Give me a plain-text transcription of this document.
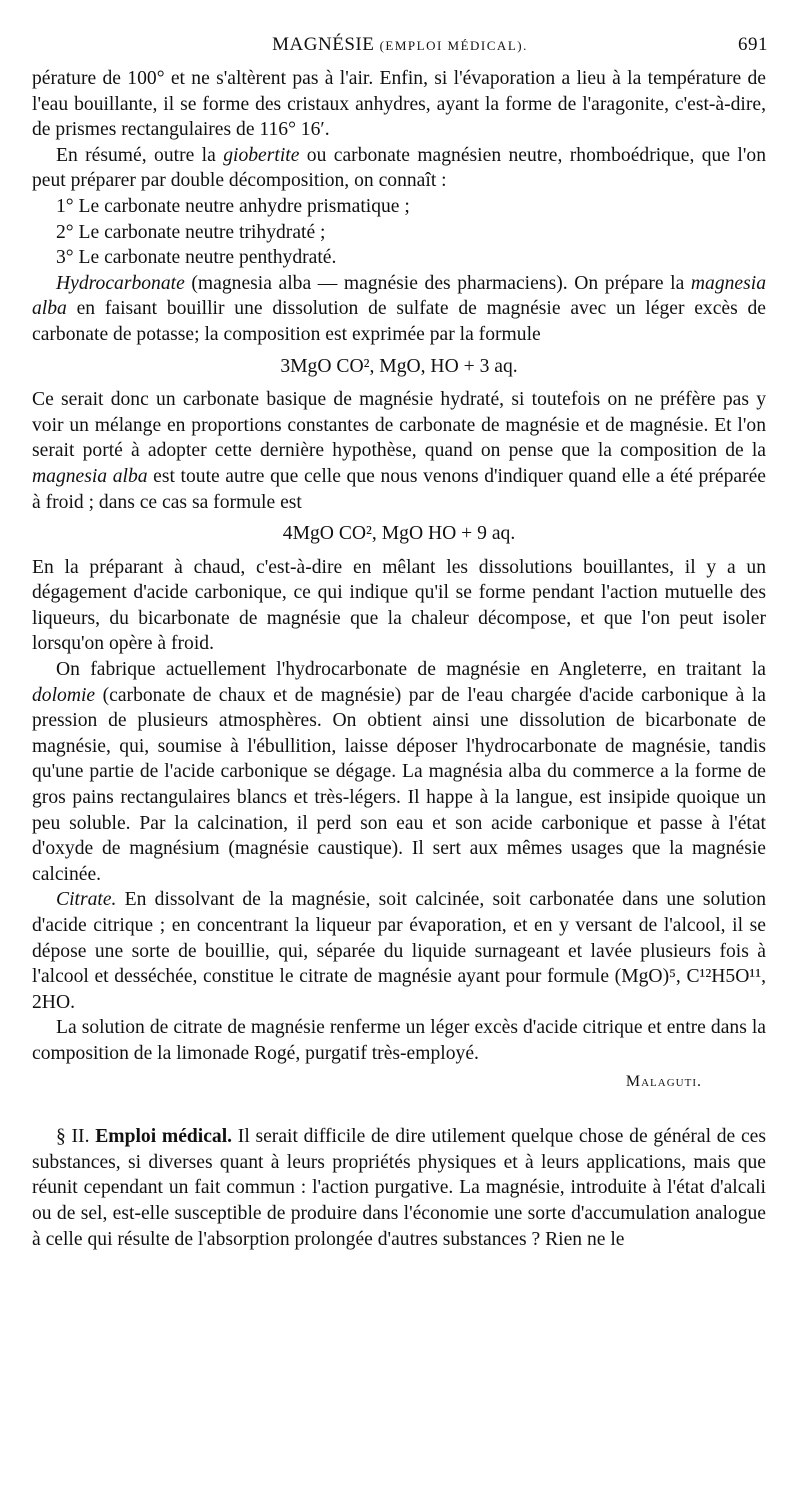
MAGNÉSIE (EMPLOI MÉDICAL).	691

pérature de 100° et ne s'altèrent pas à l'air. Enfin, si l'évaporation a lieu à la température de l'eau bouillante, il se forme des cristaux anhydres, ayant la forme de l'aragonite, c'est-à-dire, de prismes rectangulaires de 116° 16′.

En résumé, outre la giobertite ou carbonate magnésien neutre, rhomboédrique, que l'on peut préparer par double décomposition, on connaît :

1° Le carbonate neutre anhydre prismatique ;

2° Le carbonate neutre trihydraté ;

3° Le carbonate neutre penthydraté.

Hydrocarbonate (magnesia alba — magnésie des pharmaciens). On prépare la magnesia alba en faisant bouillir une dissolution de sulfate de magnésie avec un léger excès de carbonate de potasse; la composition est exprimée par la formule

3MgO CO², MgO, HO + 3 aq.

Ce serait donc un carbonate basique de magnésie hydraté, si toutefois on ne préfère pas y voir un mélange en proportions constantes de carbonate de magnésie et de magnésie. Et l'on serait porté à adopter cette dernière hypothèse, quand on pense que la composition de la magnesia alba est toute autre que celle que nous venons d'indiquer quand elle a été préparée à froid ; dans ce cas sa formule est

4MgO CO², MgO HO + 9 aq.

En la préparant à chaud, c'est-à-dire en mêlant les dissolutions bouillantes, il y a un dégagement d'acide carbonique, ce qui indique qu'il se forme pendant l'action mutuelle des liqueurs, du bicarbonate de magnésie que la chaleur décompose, et que l'on peut isoler lorsqu'on opère à froid.

On fabrique actuellement l'hydrocarbonate de magnésie en Angleterre, en traitant la dolomie (carbonate de chaux et de magnésie) par de l'eau chargée d'acide carbonique à la pression de plusieurs atmosphères. On obtient ainsi une dissolution de bicarbonate de magnésie, qui, soumise à l'ébullition, laisse déposer l'hydrocarbonate de magnésie, tandis qu'une partie de l'acide carbonique se dégage. La magnésia alba du commerce a la forme de gros pains rectangulaires blancs et très-légers. Il happe à la langue, est insipide quoique un peu soluble. Par la calcination, il perd son eau et son acide carbonique et passe à l'état d'oxyde de magnésium (magnésie caustique). Il sert aux mêmes usages que la magnésie calcinée.

Citrate. En dissolvant de la magnésie, soit calcinée, soit carbonatée dans une solution d'acide citrique ; en concentrant la liqueur par évaporation, et en y versant de l'alcool, il se dépose une sorte de bouillie, qui, séparée du liquide surnageant et lavée plusieurs fois à l'alcool et desséchée, constitue le citrate de magnésie ayant pour formule (MgO)⁵, C¹²H5O¹¹, 2HO.

La solution de citrate de magnésie renferme un léger excès d'acide citrique et entre dans la composition de la limonade Rogé, purgatif très-employé.

Malaguti.

§ II. Emploi médical. Il serait difficile de dire utilement quelque chose de général de ces substances, si diverses quant à leurs propriétés physiques et à leurs applications, mais que réunit cependant un fait commun : l'action purgative. La magnésie, introduite à l'état d'alcali ou de sel, est-elle susceptible de produire dans l'économie une sorte d'accumulation analogue à celle qui résulte de l'absorption prolongée d'autres substances ? Rien ne le
